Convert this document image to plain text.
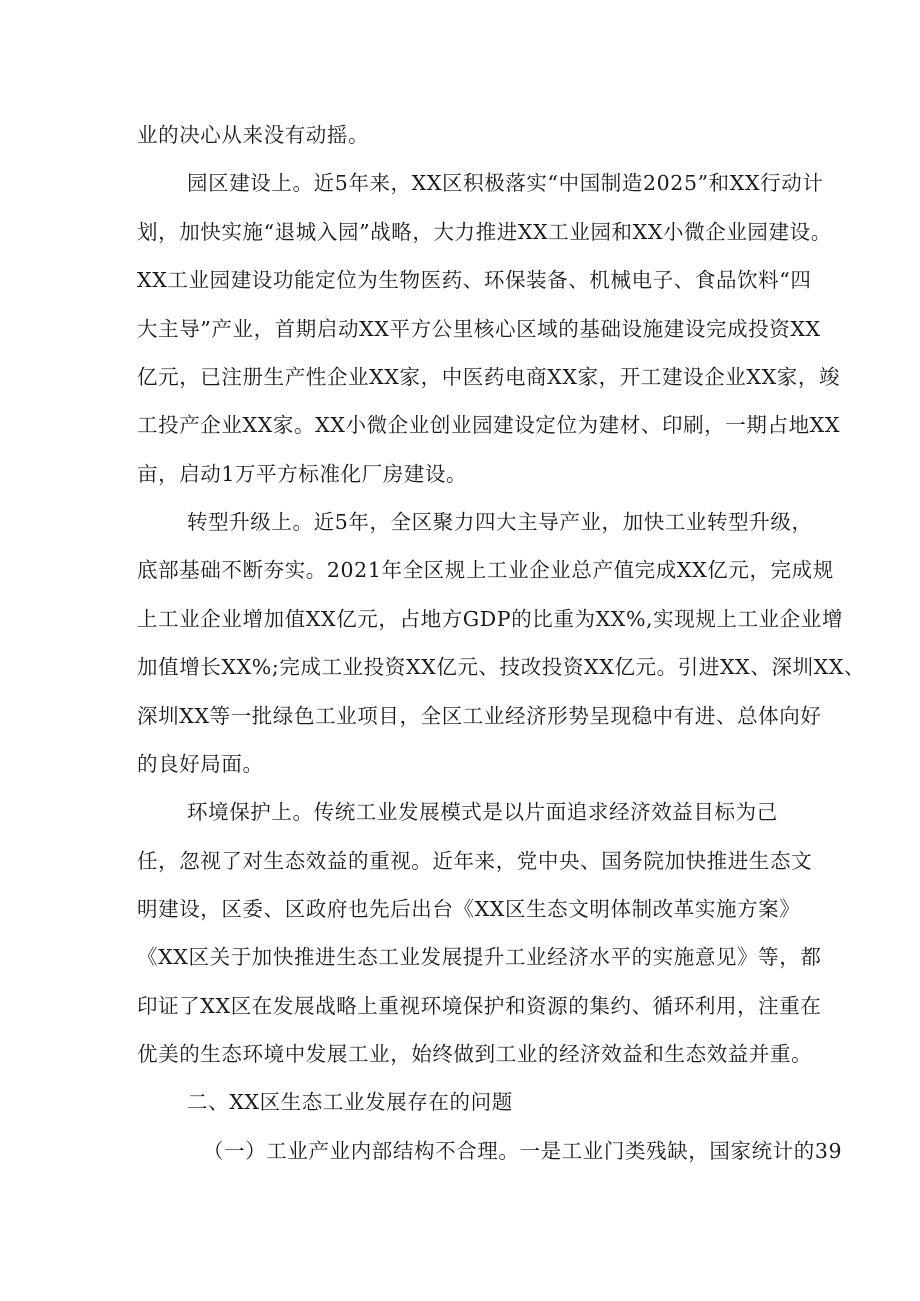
业的决心从来没有动摇。
园区建设上。近5年来，XX区积极落实“中国制造2025”和XX行动计
划，加快实施“退城入园”战略，大力推进XX工业园和XX小微企业园建设。
XX工业园建设功能定位为生物医药、环保装备、机械电子、食品饮料“四
大主导”产业，首期启动XX平方公里核心区域的基础设施建设完成投资XX
亿元，已注册生产性企业XX家，中医药电商XX家，开工建设企业XX家，竣
工投产企业XX家。XX小微企业创业园建设定位为建材、印刷，一期占地XX
亩，启动1万平方标准化厂房建设。
转型升级上。近5年，全区聚力四大主导产业，加快工业转型升级，
底部基础不断夯实。2021年全区规上工业企业总产值完成XX亿元，完成规
上工业企业增加值XX亿元，占地方GDP的比重为XX%,实现规上工业企业增
加值增长XX%;完成工业投资XX亿元、技改投资XX亿元。引进XX、深圳XX、
深圳XX等一批绿色工业项目，全区工业经济形势呈现稳中有进、总体向好
的良好局面。
环境保护上。传统工业发展模式是以片面追求经济效益目标为己
任，忽视了对生态效益的重视。近年来，党中央、国务院加快推进生态文
明建设，区委、区政府也先后出台《XX区生态文明体制改革实施方案》
《XX区关于加快推进生态工业发展提升工业经济水平的实施意见》等，都
印证了XX区在发展战略上重视环境保护和资源的集约、循环利用，注重在
优美的生态环境中发展工业，始终做到工业的经济效益和生态效益并重。
二、XX区生态工业发展存在的问题
（一）工业产业内部结构不合理。一是工业门类残缺，国家统计的39
